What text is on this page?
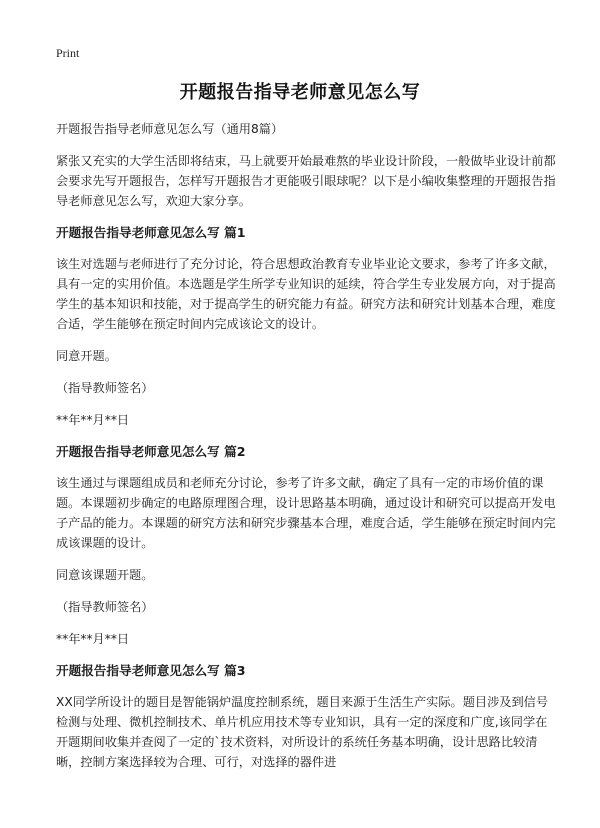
Print
开题报告指导老师意见怎么写

开题报告指导老师意见怎么写（通用8篇）

紧张又充实的大学生活即将结束，马上就要开始最难熬的毕业设计阶段，一般做毕业设计前都会要求先写开题报告，怎样写开题报告才更能吸引眼球呢？以下是小编收集整理的开题报告指导老师意见怎么写，欢迎大家分享。

开题报告指导老师意见怎么写 篇1

该生对选题与老师进行了充分讨论，符合思想政治教育专业毕业论文要求，参考了许多文献，具有一定的实用价值。本选题是学生所学专业知识的延续，符合学生专业发展方向，对于提高学生的基本知识和技能，对于提高学生的研究能力有益。研究方法和研究计划基本合理，难度合适，学生能够在预定时间内完成该论文的设计。

同意开题。

（指导教师签名）

**年**月**日

开题报告指导老师意见怎么写 篇2

该生通过与课题组成员和老师充分讨论，参考了许多文献，确定了具有一定的市场价值的课题。本课题初步确定的电路原理图合理，设计思路基本明确，通过设计和研究可以提高开发电子产品的能力。本课题的研究方法和研究步骤基本合理，难度合适，学生能够在预定时间内完成该课题的设计。

同意该课题开题。

（指导教师签名）

**年**月**日

开题报告指导老师意见怎么写 篇3

XX同学所设计的题目是智能锅炉温度控制系统，题目来源于生活生产实际。题目涉及到信号检测与处理、微机控制技术、单片机应用技术等专业知识，具有一定的深度和广度,该同学在开题期间收集并查阅了一定的`技术资料，对所设计的系统任务基本明确，设计思路比较清晰，控制方案选择较为合理、可行，对选择的器件进
